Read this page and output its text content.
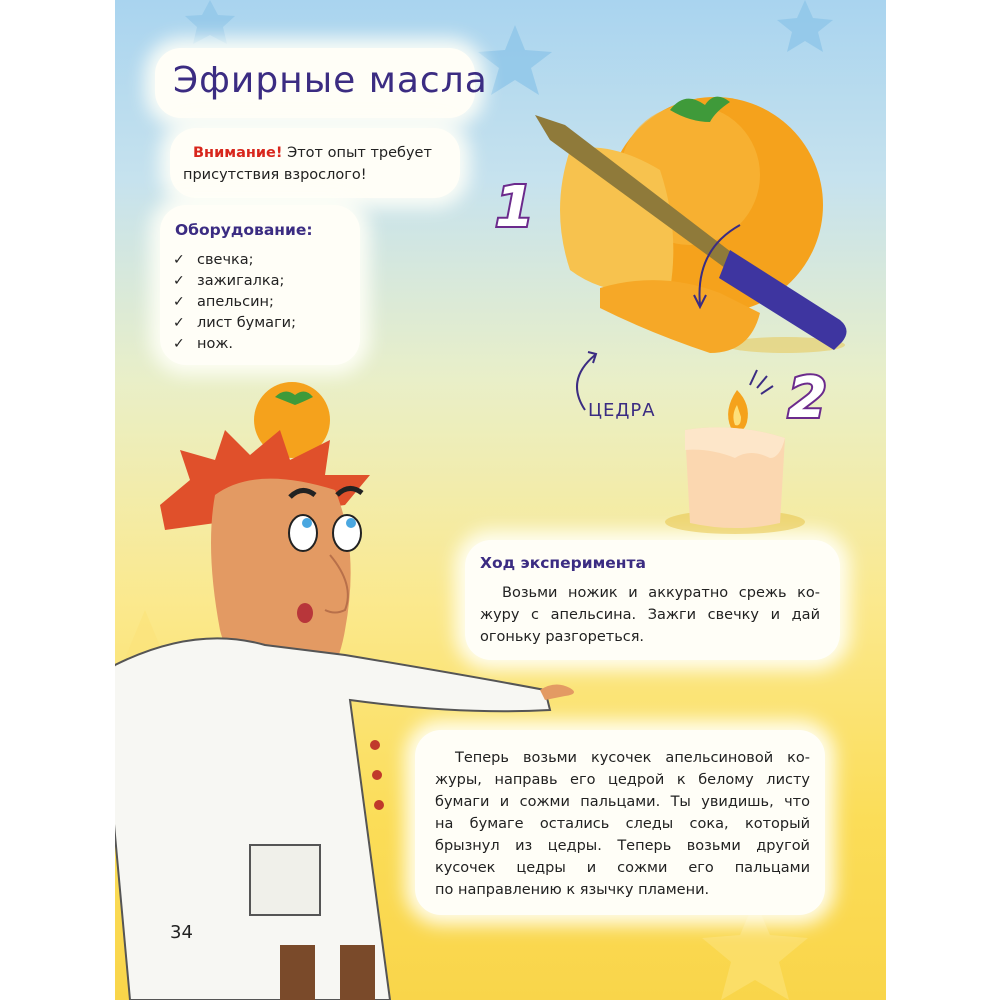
Эфирные масла
Внимание! Этот опыт требует
присутствия взрослого!
Оборудование:
✓ свечка;
✓ зажигалка;
✓ апельсин;
✓ лист бумаги;
✓ нож.
1
ЦЕДРА 2
Ход эксперимента
Возьми ножик и аккуратно срежь ко-
журу с апельсина. Зажги свечку и дай
огоньку разгореться.
Теперь возьми кусочек апельсиновой ко-
журы, направь его цедрой к белому листу
бумаги и сожми пальцами. Ты увидишь, что
на бумаге остались следы сока, который
брызнул из цедры. Теперь возьми другой
кусочек цедры и сожми его пальцами
по направлению к язычку пламени.
34
